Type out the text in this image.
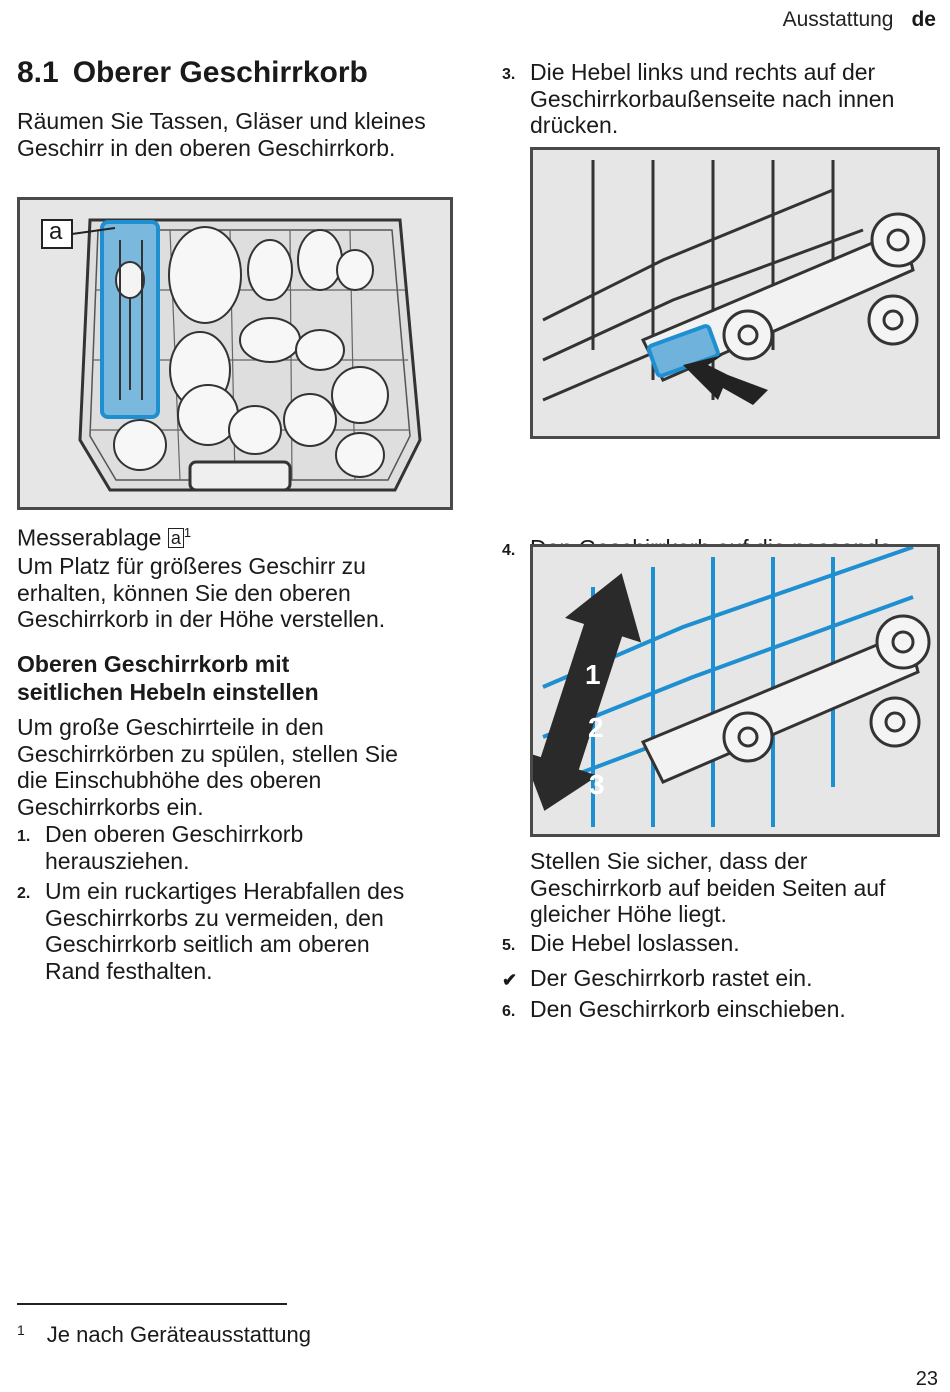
Ausstattung de
8.1 Oberer Geschirrkorb

Räumen Sie Tassen, Gläser und kleines Geschirr in den oberen Geschirrkorb.

a
Messerablage a $^1$

Um Platz für größeres Geschirr zu erhalten, können Sie den oberen Geschirrkorb in der Höhe verstellen.

Oberen Geschirrkorb mit seitlichen Hebeln einstellen

Um große Geschirrteile in den Geschirrkörben zu spülen, stellen Sie die Einschubhöhe des oberen Geschirrkorbs ein.

1. Den oberen Geschirrkorb herausziehen.
2. Um ein ruckartiges Herabfallen des Geschirrkorbs zu vermeiden, den Geschirrkorb seitlich am oberen Rand festhalten.
3. Die Hebel links und rechts auf der Geschirrkorbaußenseite nach innen drücken.
4.
1
2
3

Stellen Sie sicher, dass der Geschirrkorb auf beiden Seiten auf gleicher Höhe liegt.

5. Die Hebel loslassen.
✔ Der Geschirrkorb rastet ein.
6. Den Geschirrkorb einschieben.
$^1$ Je nach Geräteausstattung
23
